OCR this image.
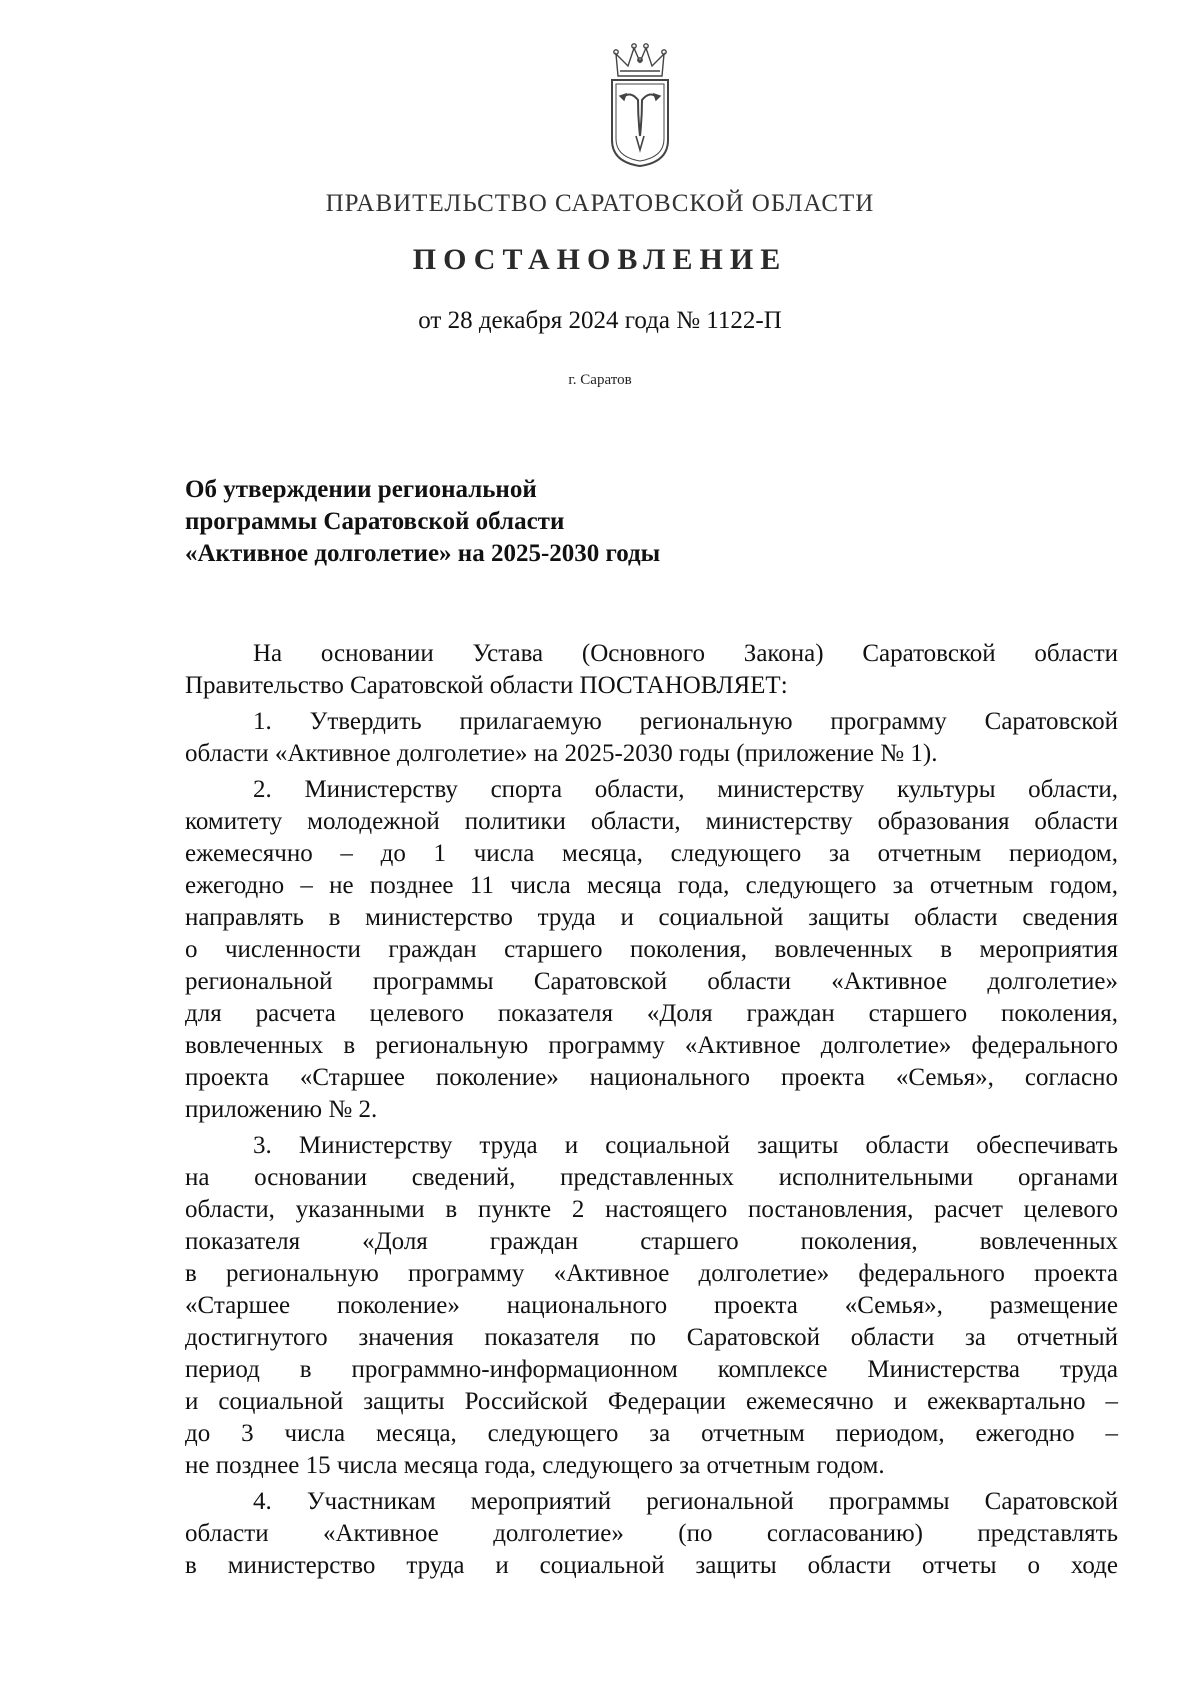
ПРАВИТЕЛЬСТВО САРАТОВСКОЙ ОБЛАСТИ
ПОСТАНОВЛЕНИЕ
от 28 декабря 2024 года № 1122-П
г. Саратов
Об утверждении региональной
программы Саратовской области
«Активное долголетие» на 2025-2030 годы

На основании Устава (Основного Закона) Саратовской области
Правительство Саратовской области ПОСТАНОВЛЯЕТ:

1. Утвердить прилагаемую региональную программу Саратовской
области «Активное долголетие» на 2025-2030 годы (приложение № 1).

2. Министерству спорта области, министерству культуры области,
комитету молодежной политики области, министерству образования области
ежемесячно – до 1 числа месяца, следующего за отчетным периодом,
ежегодно – не позднее 11 числа месяца года, следующего за отчетным годом,
направлять в министерство труда и социальной защиты области сведения
о численности граждан старшего поколения, вовлеченных в мероприятия
региональной программы Саратовской области «Активное долголетие»
для расчета целевого показателя «Доля граждан старшего поколения,
вовлеченных в региональную программу «Активное долголетие» федерального
проекта «Старшее поколение» национального проекта «Семья», согласно
приложению № 2.

3. Министерству труда и социальной защиты области обеспечивать
на основании сведений, представленных исполнительными органами
области, указанными в пункте 2 настоящего постановления, расчет целевого
показателя «Доля граждан старшего поколения, вовлеченных
в региональную программу «Активное долголетие» федерального проекта
«Старшее поколение» национального проекта «Семья», размещение
достигнутого значения показателя по Саратовской области за отчетный
период в программно-информационном комплексе Министерства труда
и социальной защиты Российской Федерации ежемесячно и ежеквартально –
до 3 числа месяца, следующего за отчетным периодом, ежегодно –
не позднее 15 числа месяца года, следующего за отчетным годом.

4. Участникам мероприятий региональной программы Саратовской
области «Активное долголетие» (по согласованию) представлять
в министерство труда и социальной защиты области отчеты о ходе
